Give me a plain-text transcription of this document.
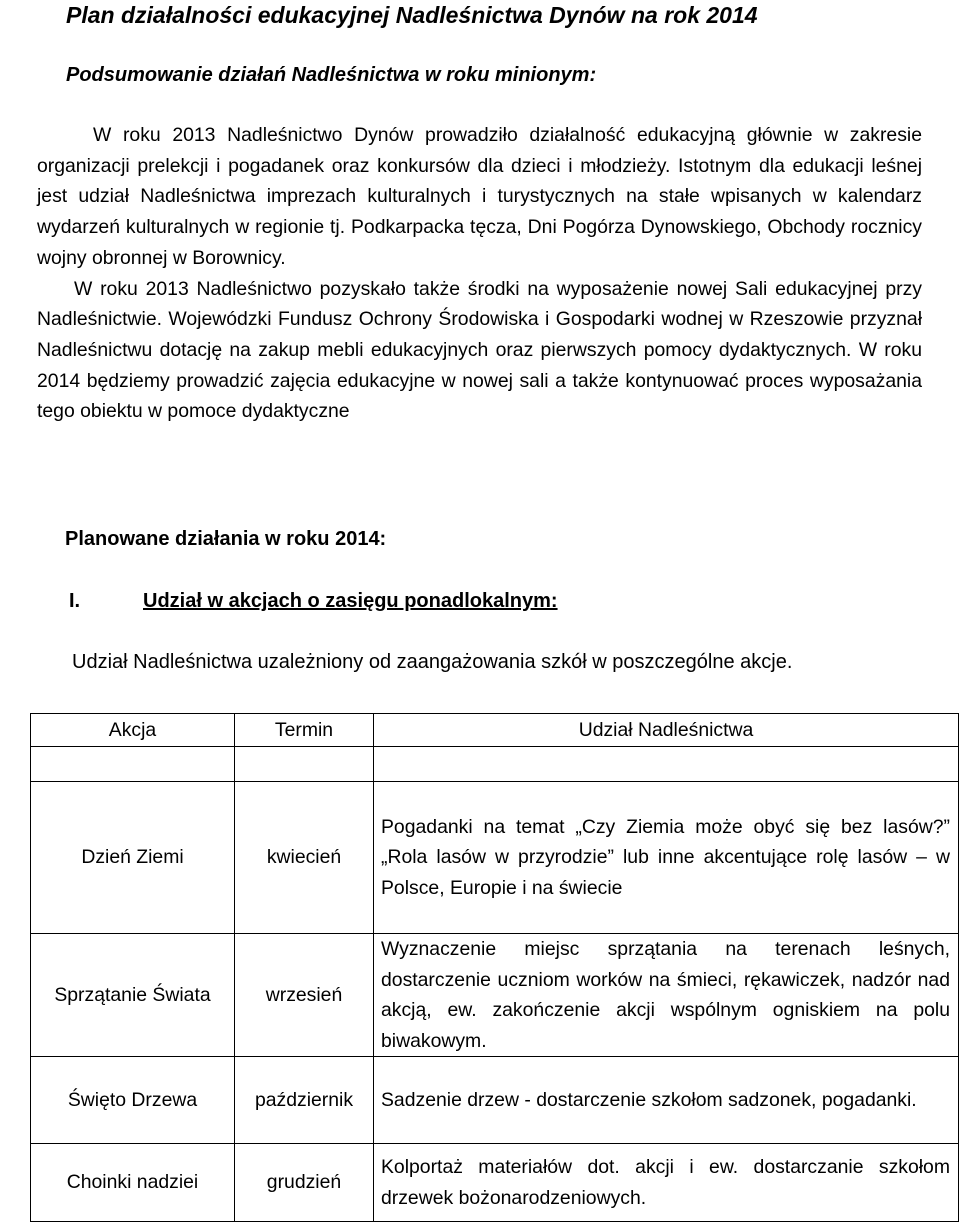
Plan działalności edukacyjnej Nadleśnictwa Dynów na rok 2014
Podsumowanie działań Nadleśnictwa w roku minionym:

W roku 2013 Nadleśnictwo Dynów prowadziło działalność edukacyjną głównie w zakresie organizacji prelekcji i pogadanek oraz konkursów dla dzieci i młodzieży. Istotnym dla edukacji leśnej jest udział Nadleśnictwa imprezach kulturalnych i turystycznych na stałe wpisanych w kalendarz wydarzeń kulturalnych w regionie tj. Podkarpacka tęcza, Dni Pogórza Dynowskiego, Obchody rocznicy wojny obronnej w Borownicy.

W roku 2013 Nadleśnictwo pozyskało także środki na wyposażenie nowej Sali edukacyjnej przy Nadleśnictwie. Wojewódzki Fundusz Ochrony Środowiska i Gospodarki wodnej w Rzeszowie przyznał Nadleśnictwu dotację na zakup mebli edukacyjnych oraz pierwszych pomocy dydaktycznych. W roku 2014 będziemy prowadzić zajęcia edukacyjne w nowej sali a także kontynuować proces wyposażania tego obiektu w pomoce dydaktyczne

Planowane działania w roku 2014:
I.	Udział w akcjach o zasięgu ponadlokalnym:

Udział Nadleśnictwa uzależniony od zaangażowania szkół w poszczególne akcje.

Akcja	Termin	Udział Nadleśnictwa

Dzień Ziemi	kwiecień	Pogadanki na temat „Czy Ziemia może obyć się bez lasów?” „Rola lasów w przyrodzie” lub inne akcentujące rolę lasów – w Polsce, Europie i na świecie
Sprzątanie Świata	wrzesień	Wyznaczenie miejsc sprzątania na terenach leśnych, dostarczenie uczniom worków na śmieci, rękawiczek, nadzór nad akcją, ew. zakończenie akcji wspólnym ogniskiem na polu biwakowym.
Święto Drzewa	październik	Sadzenie drzew - dostarczenie szkołom sadzonek, pogadanki.
Choinki nadziei	grudzień	Kolportaż materiałów dot. akcji i ew. dostarczanie szkołom drzewek bożonarodzeniowych.
